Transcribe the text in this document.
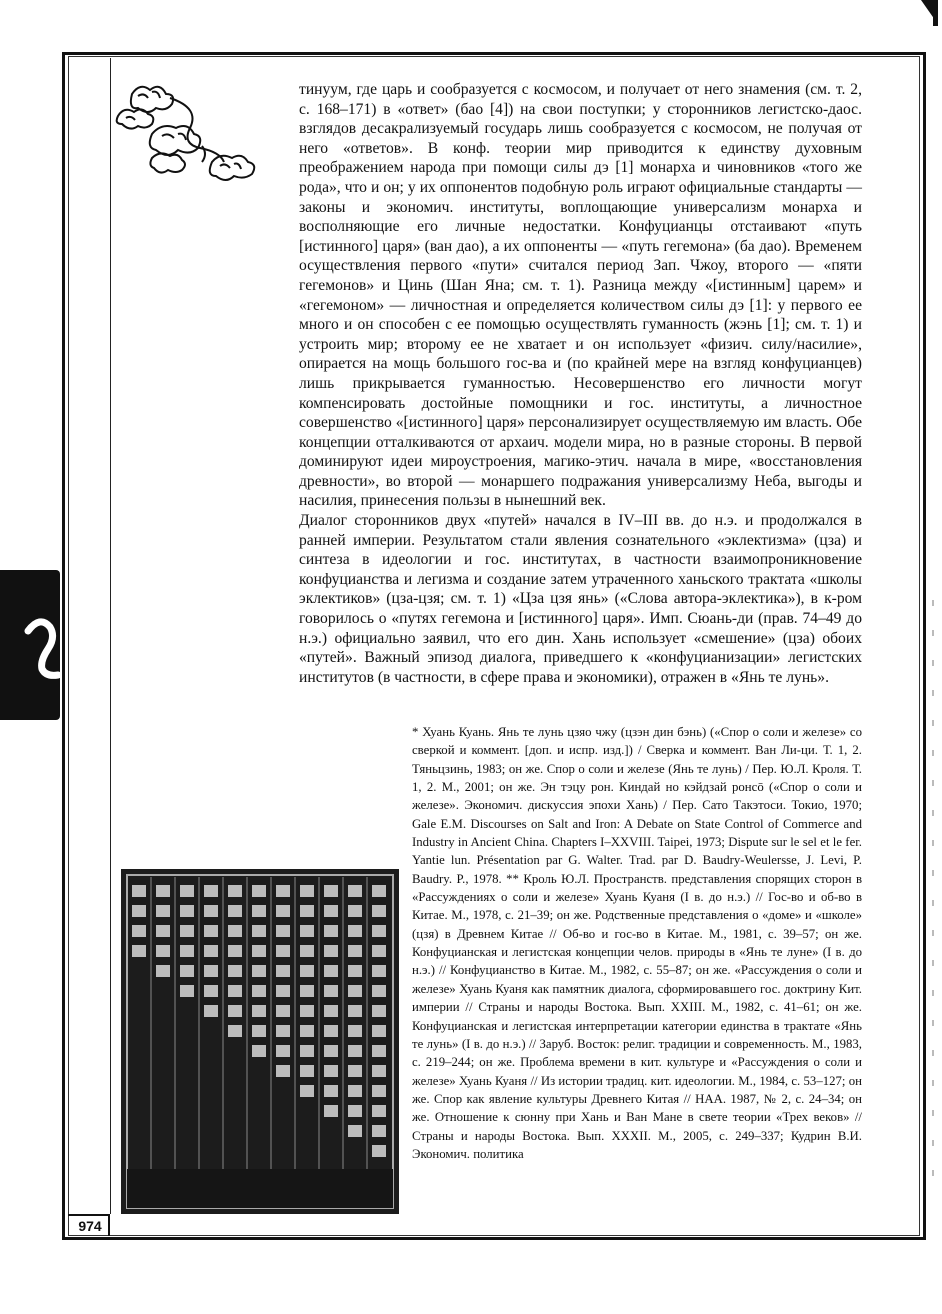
тинуум, где царь и сообразуется с космосом, и получает от него знамения (см. т. 2, с. 168–171) в «ответ» (бао [4]) на свои поступки; у сторонников легистско-даос. взглядов десакрализуемый государь лишь сообразуется с космосом, не получая от него «ответов». В конф. теории мир приводится к единству духовным преображением народа при помощи силы дэ [1] монарха и чиновников «того же рода», что и он; у их оппонентов подобную роль играют официальные стандарты — законы и экономич. институты, воплощающие универсализм монарха и восполняющие его личные недостатки. Конфуцианцы отстаивают «путь [истинного] царя» (ван дао), а их оппоненты — «путь гегемона» (ба дао). Временем осуществления первого «пути» считался период Зап. Чжоу, второго — «пяти гегемонов» и Цинь (Шан Яна; см. т. 1). Разница между «[истинным] царем» и «гегемоном» — личностная и определяется количеством силы дэ [1]: у первого ее много и он способен с ее помощью осуществлять гуманность (жэнь [1]; см. т. 1) и устроить мир; второму ее не хватает и он использует «физич. силу/насилие», опирается на мощь большого гос-ва и (по крайней мере на взгляд конфуцианцев) лишь прикрывается гуманностью. Несовершенство его личности могут компенсировать достойные помощники и гос. институты, а личностное совершенство «[истинного] царя» персонализирует осуществляемую им власть. Обе концепции отталкиваются от архаич. модели мира, но в разные стороны. В первой доминируют идеи мироустроения, магико-этич. начала в мире, «восстановления древности», во второй — монаршего подражания универсализму Неба, выгоды и насилия, принесения пользы в нынешний век.

Диалог сторонников двух «путей» начался в IV–III вв. до н.э. и продолжался в ранней империи. Результатом стали явления сознательного «эклектизма» (цза) и синтеза в идеологии и гос. институтах, в частности взаимопроникновение конфуцианства и легизма и создание затем утраченного ханьского трактата «школы эклектиков» (цза-цзя; см. т. 1) «Цза цзя янь» («Слова автора-эклектика»), в к-ром говорилось о «путях гегемона и [истинного] царя». Имп. Сюань-ди (прав. 74–49 до н.э.) официально заявил, что его дин. Хань использует «смешение» (цза) обоих «путей». Важный эпизод диалога, приведшего к «конфуцианизации» легистских институтов (в частности, в сфере права и экономики), отражен в «Янь те лунь».

* Хуань Куань. Янь те лунь цзяо чжу (цзэн дин бэнь) («Спор о соли и железе» со сверкой и коммент. [доп. и испр. изд.]) / Сверка и коммент. Ван Ли-ци. Т. 1, 2. Тяньцзинь, 1983; он же. Спор о соли и железе (Янь те лунь) / Пер. Ю.Л. Кроля. Т. 1, 2. М., 2001; он же. Эн тэцу рон. Киндай но кэйдзай ронсō («Спор о соли и железе». Экономич. дискуссия эпохи Хань) / Пер. Сато Такэтоси. Токио, 1970; Gale E.M. Discourses on Salt and Iron: A Debate on State Control of Commerce and Industry in Ancient China. Chapters I–XXVIII. Taipei, 1973; Dispute sur le sel et le fer. Yantie lun. Présentation par G. Walter. Trad. par D. Baudry-Weulersse, J. Levi, P. Baudry. P., 1978. ** Кроль Ю.Л. Пространств. представления спорящих сторон в «Рассуждениях о соли и железе» Хуань Куаня (I в. до н.э.) // Гос-во и об-во в Китае. М., 1978, с. 21–39; он же. Родственные представления о «доме» и «школе» (цзя) в Древнем Китае // Об-во и гос-во в Китае. М., 1981, с. 39–57; он же. Конфуцианская и легистская концепции челов. природы в «Янь те луне» (I в. до н.э.) // Конфуцианство в Китае. М., 1982, с. 55–87; он же. «Рассуждения о соли и железе» Хуань Куаня как памятник диалога, сформировавшего гос. доктрину Кит. империи // Страны и народы Востока. Вып. XXIII. М., 1982, с. 41–61; он же. Конфуцианская и легистская интерпретации категории единства в трактате «Янь те лунь» (I в. до н.э.) // Заруб. Восток: религ. традиции и современность. М., 1983, с. 219–244; он же. Проблема времени в кит. культуре и «Рассуждения о соли и железе» Хуань Куаня // Из истории традиц. кит. идеологии. М., 1984, с. 53–127; он же. Спор как явление культуры Древнего Китая // НАА. 1987, № 2, с. 24–34; он же. Отношение к сюнну при Хань и Ван Мане в свете теории «Трех веков» // Страны и народы Востока. Вып. XXXII. М., 2005, с. 249–337; Кудрин В.И. Экономич. политика

974
